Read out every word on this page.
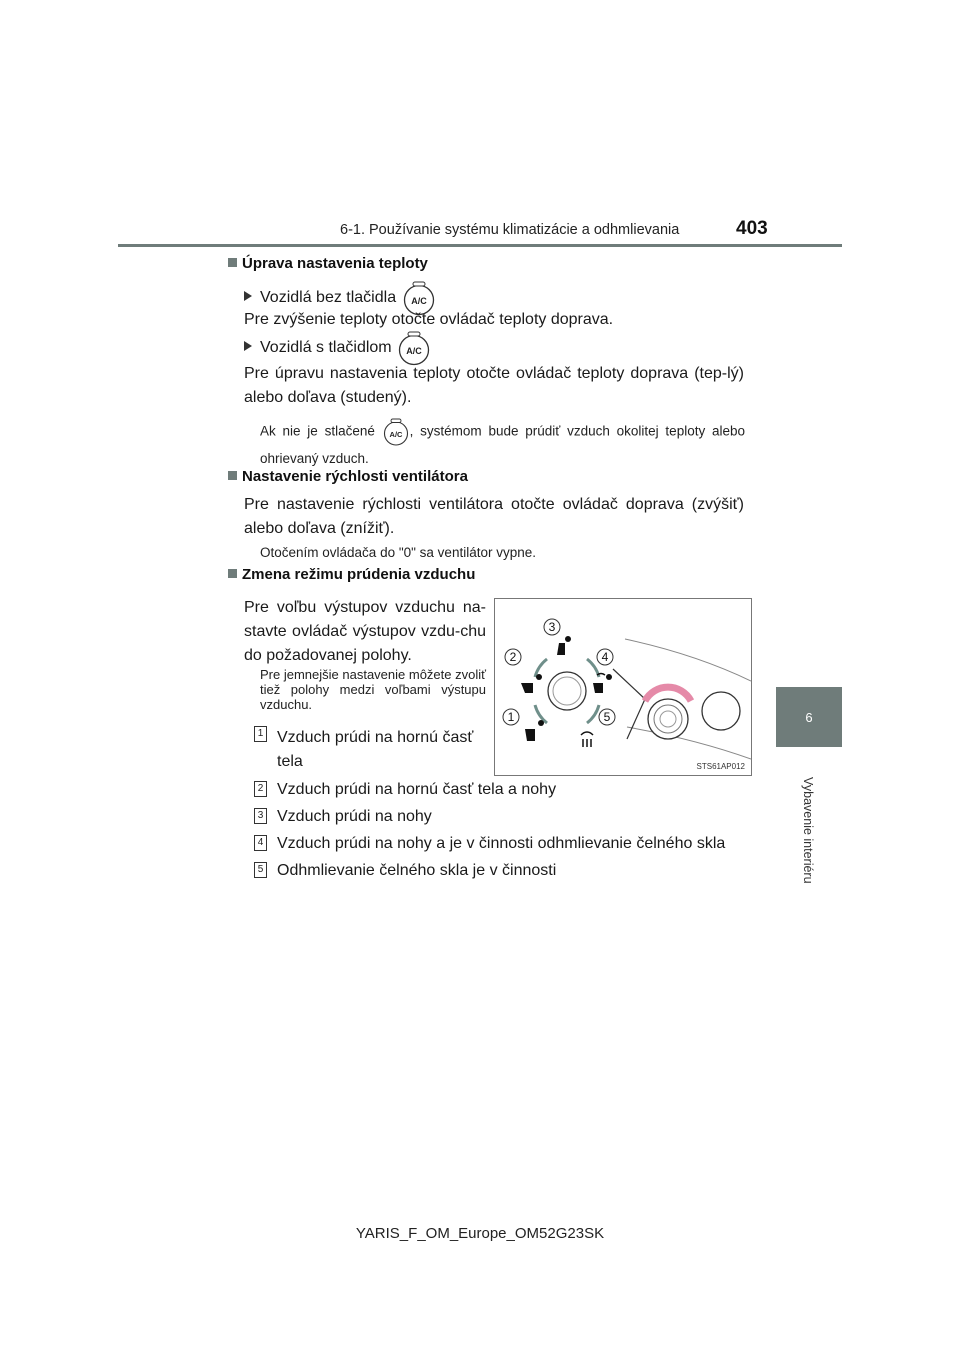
6-1. Používanie systému klimatizácie a odhmlievania	403
6
Vybavenie interiéru
Úprava nastavenia teploty
Vozidlá bez tlačidla A/C
Pre zvýšenie teploty otočte ovládač teploty doprava.
Vozidlá s tlačidlom A/C
Pre úpravu nastavenia teploty otočte ovládač teploty doprava (tep-lý) alebo doľava (studený).
Ak nie je stlačené A/C , systémom bude prúdiť vzduch okolitej teploty alebo ohrievaný vzduch.
Nastavenie rýchlosti ventilátora
Pre nastavenie rýchlosti ventilátora otočte ovládač doprava (zvýšiť) alebo doľava (znížiť).
Otočením ovládača do "0" sa ventilátor vypne.
Zmena režimu prúdenia vzduchu
Pre voľbu výstupov vzduchu na-stavte ovládač výstupov vzdu-chu do požadovanej polohy.
Pre jemnejšie nastavenie môžete zvoliť tiež polohy medzi voľbami výstupu vzduchu.
1 Vzduch prúdi na hornú časť tela
2 Vzduch prúdi na hornú časť tela a nohy
3 Vzduch prúdi na nohy
4 Vzduch prúdi na nohy a je v činnosti odhmlievanie čelného skla
5 Odhmlievanie čelného skla je v činnosti
3
2	4
1	5
STS61AP012
YARIS_F_OM_Europe_OM52G23SK
